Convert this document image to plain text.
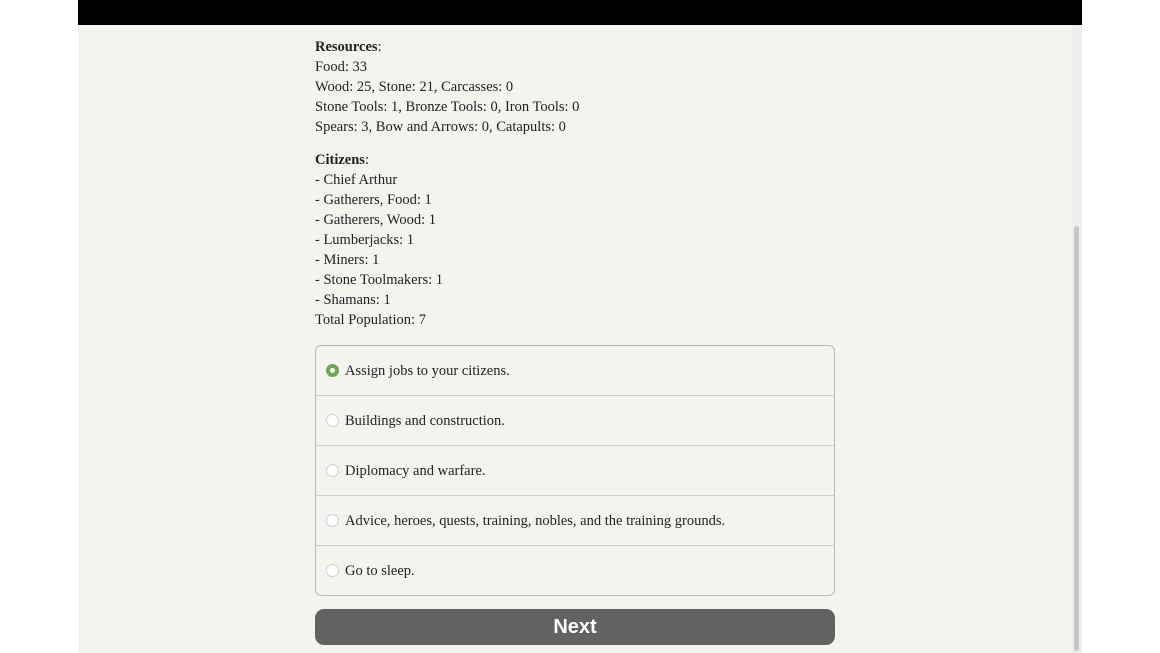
Resources:

Food: 33

Wood: 25, Stone: 21, Carcasses: 0

Stone Tools: 1, Bronze Tools: 0, Iron Tools: 0

Spears: 3, Bow and Arrows: 0, Catapults: 0

Citizens:

- Chief Arthur

- Gatherers, Food: 1

- Gatherers, Wood: 1

- Lumberjacks: 1

- Miners: 1

- Stone Toolmakers: 1

- Shamans: 1

Total Population: 7

Assign jobs to your citizens.
Buildings and construction.
Diplomacy and warfare.
Advice, heroes, quests, training, nobles, and the training grounds.
Go to sleep.
Next
